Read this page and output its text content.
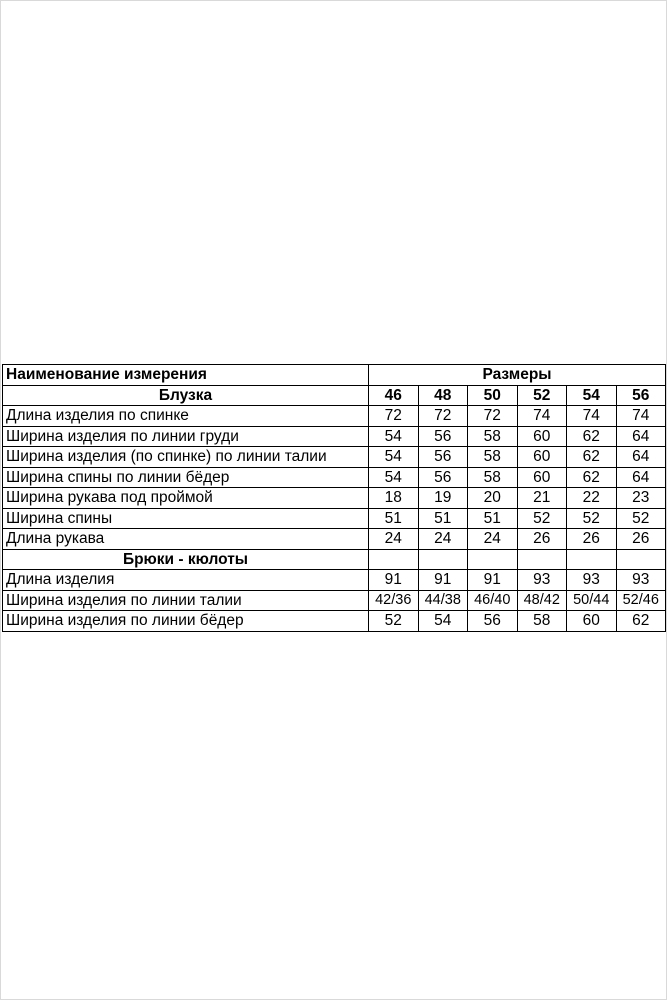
Наименование измерения	Размеры					
Блузка	46	48	50	52	54	56
Длина изделия по спинке	72	72	72	74	74	74
Ширина изделия по линии груди	54	56	58	60	62	64
Ширина изделия (по спинке) по линии талии	54	56	58	60	62	64
Ширина спины по линии бёдер	54	56	58	60	62	64
Ширина рукава под проймой	18	19	20	21	22	23
Ширина спины	51	51	51	52	52	52
Длина рукава	24	24	24	26	26	26
Брюки - кюлоты						
Длина изделия	91	91	91	93	93	93
Ширина изделия по линии талии	42/36	44/38	46/40	48/42	50/44	52/46
Ширина изделия по линии бёдер	52	54	56	58	60	62
